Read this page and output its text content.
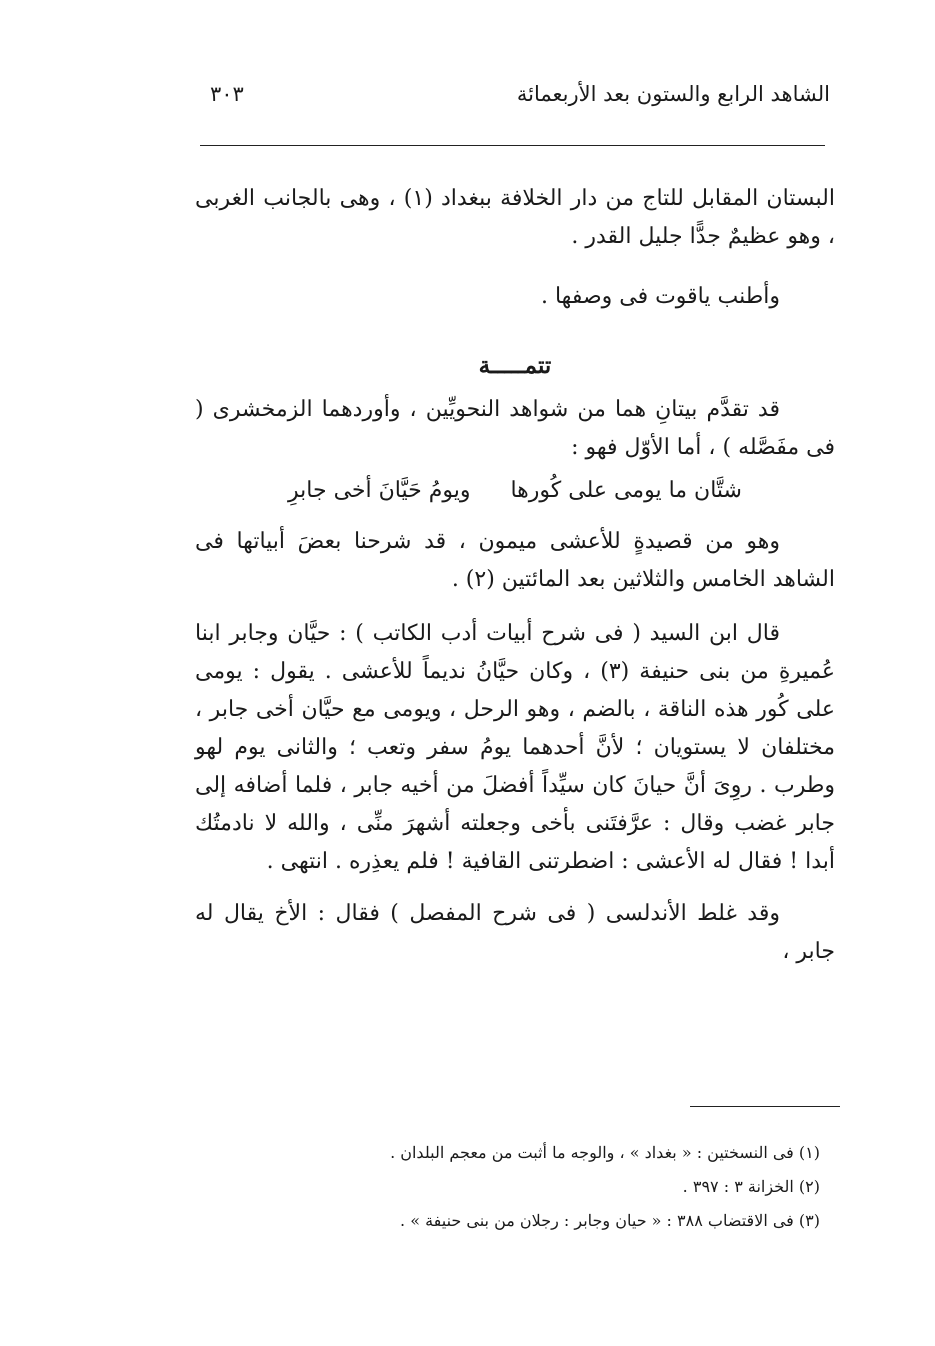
الشاهد الرابع والستون بعد الأربعمائة
٣٠٣

البستان المقابل للتاج من دار الخلافة ببغداد (١) ، وهى بالجانب الغربى ، وهو عظيمٌ جدًّا جليل القدر .

وأطنب ياقوت فى وصفها .

تتمـــــة

قد تقدَّم بيتانِ هما من شواهد النحويِّين ، وأوردهما الزمخشرى ( فى مفَصَّله ) ، أما الأوّل فهو :

شتَّان ما يومى على كُورها
ويومُ حَيَّانَ أخى جابرِ

وهو من قصيدةٍ للأعشى ميمون ، قد شرحنا بعضَ أبياتها فى الشاهد الخامس والثلاثين بعد المائتين (٢) .

قال ابن السيد ( فى شرح أبيات أدب الكاتب ) : حيَّان وجابر ابنا عُميرةِ من بنى حنيفة (٣) ، وكان حيَّانُ نديماً للأعشى . يقول : يومى على كُور هذه الناقة ، بالضم ، وهو الرحل ، ويومى مع حيَّان أخى جابر ، مختلفان لا يستويان ؛ لأنَّ أحدهما يومُ سفر وتعب ؛ والثانى يوم لهو وطرب . روِىَ أنَّ حيانَ كان سيِّداً أفضلَ من أخيه جابر ، فلما أضافه إلى جابر غضب وقال : عرَّفتَنى بأخى وجعلته أشهرَ منِّى ، والله لا نادمتُك أبدا ! فقال له الأعشى : اضطرتنى القافية ! فلم يعذِره . انتهى .

وقد غلط الأندلسى ( فى شرح المفصل ) فقال : الأخ يقال له جابر ،

(١) فى النسختين : « بغداد » ، والوجه ما أثبت من معجم البلدان .

(٢) الخزانة ٣ : ٣٩٧ .

(٣) فى الاقتضاب ٣٨٨ : « حيان وجابر : رجلان من بنى حنيفة » .
